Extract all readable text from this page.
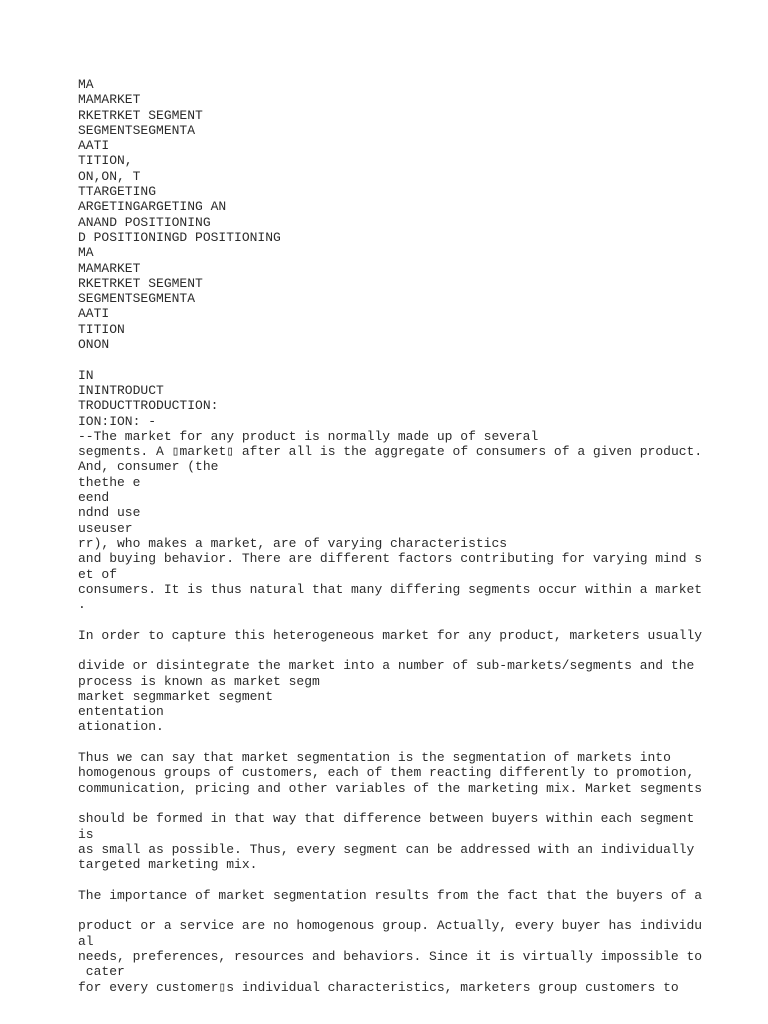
MA
MAMARKET
RKETRKET SEGMENT
SEGMENTSEGMENTA
AATI
TITION,
ON,ON, T
TTARGETING
ARGETINGARGETING AN
ANAND POSITIONING
D POSITIONINGD POSITIONING
MA
MAMARKET
RKETRKET SEGMENT
SEGMENTSEGMENTA
AATI
TITION
ONON
IN
ININTRODUCT
TRODUCTTRODUCTION:
ION:ION: -
--The market for any product is normally made up of several
segments. A ▯market▯ after all is the aggregate of consumers of a given product.
And, consumer (the
thethe e
eend
ndnd use
useuser
rr), who makes a market, are of varying characteristics
and buying behavior. There are different factors contributing for varying mind s
et of
consumers. It is thus natural that many differing segments occur within a market
.
In order to capture this heterogeneous market for any product, marketers usually
divide or disintegrate the market into a number of sub-markets/segments and the
process is known as market segm
market segmmarket segment
ententation
ationation.
Thus we can say that market segmentation is the segmentation of markets into
homogenous groups of customers, each of them reacting differently to promotion,
communication, pricing and other variables of the marketing mix. Market segments
should be formed in that way that difference between buyers within each segment
is
as small as possible. Thus, every segment can be addressed with an individually
targeted marketing mix.
The importance of market segmentation results from the fact that the buyers of a
product or a service are no homogenous group. Actually, every buyer has individu
al
needs, preferences, resources and behaviors. Since it is virtually impossible to
cater
for every customer▯s individual characteristics, marketers group customers to
